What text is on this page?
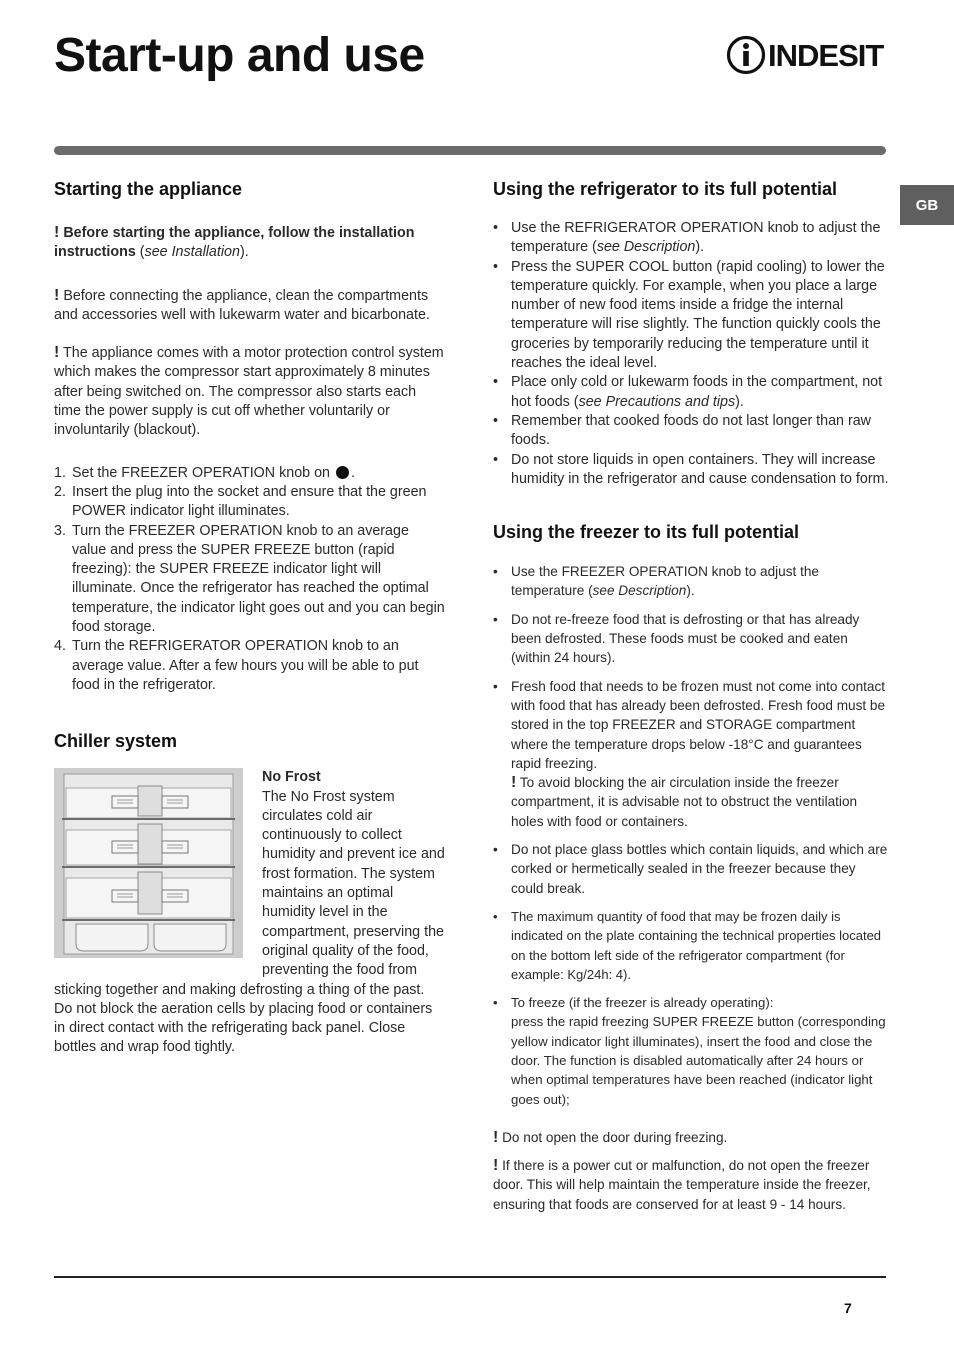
Start-up and use	INDESIT
GB
Starting the appliance

! Before starting the appliance, follow the installation instructions (see Installation).

! Before connecting the appliance, clean the compartments and accessories well with lukewarm water and bicarbonate.

! The appliance comes with a motor protection control system which makes the compressor start approximately 8 minutes after being switched on. The compressor also starts each time the power supply is cut off whether voluntarily or involuntarily (blackout).

1. Set the FREEZER OPERATION knob on .
2. Insert the plug into the socket and ensure that the green POWER indicator light illuminates.
3. Turn the FREEZER OPERATION knob to an average value and press the SUPER FREEZE button (rapid freezing): the SUPER FREEZE indicator light will illuminate. Once the refrigerator has reached the optimal temperature, the indicator light goes out and you can begin food storage.
4. Turn the REFRIGERATOR OPERATION knob to an average value. After a few hours you will be able to put food in the refrigerator.
Chiller system

No Frost

The No Frost system circulates cold air continuously to collect humidity and prevent ice and frost formation. The system maintains an optimal humidity level in the compartment, preserving the original quality of the food, preventing the food from sticking together and making defrosting a thing of the past. Do not block the aeration cells by placing food or containers in direct contact with the refrigerating back panel. Close bottles and wrap food tightly.

Using the refrigerator to its full potential
• Use the REFRIGERATOR OPERATION knob to adjust the temperature (see Description).
• Press the SUPER COOL button (rapid cooling) to lower the temperature quickly. For example, when you place a large number of new food items inside a fridge the internal temperature will rise slightly. The function quickly cools the groceries by temporarily reducing the temperature until it reaches the ideal level.
• Place only cold or lukewarm foods in the compartment, not hot foods (see Precautions and tips).
• Remember that cooked foods do not last longer than raw foods.
• Do not store liquids in open containers. They will increase humidity in the refrigerator and cause condensation to form.
Using the freezer to its full potential
• Use the FREEZER OPERATION knob to adjust the temperature (see Description).
• Do not re-freeze food that is defrosting or that has already been defrosted. These foods must be cooked and eaten (within 24 hours).
• Fresh food that needs to be frozen must not come into contact with food that has already been defrosted. Fresh food must be stored in the top FREEZER and STORAGE compartment where the temperature drops below -18°C and guarantees rapid freezing.
! To avoid blocking the air circulation inside the freezer compartment, it is advisable not to obstruct the ventilation holes with food or containers.
• Do not place glass bottles which contain liquids, and which are corked or hermetically sealed in the freezer because they could break.
• The maximum quantity of food that may be frozen daily is indicated on the plate containing the technical properties located on the bottom left side of the refrigerator compartment (for example: Kg/24h: 4).
• To freeze (if the freezer is already operating):
press the rapid freezing SUPER FREEZE button (corresponding yellow indicator light illuminates), insert the food and close the door. The function is disabled automatically after 24 hours or when optimal temperatures have been reached (indicator light goes out);

! Do not open the door during freezing.

! If there is a power cut or malfunction, do not open the freezer door. This will help maintain the temperature inside the freezer, ensuring that foods are conserved for at least 9 - 14 hours.

7
